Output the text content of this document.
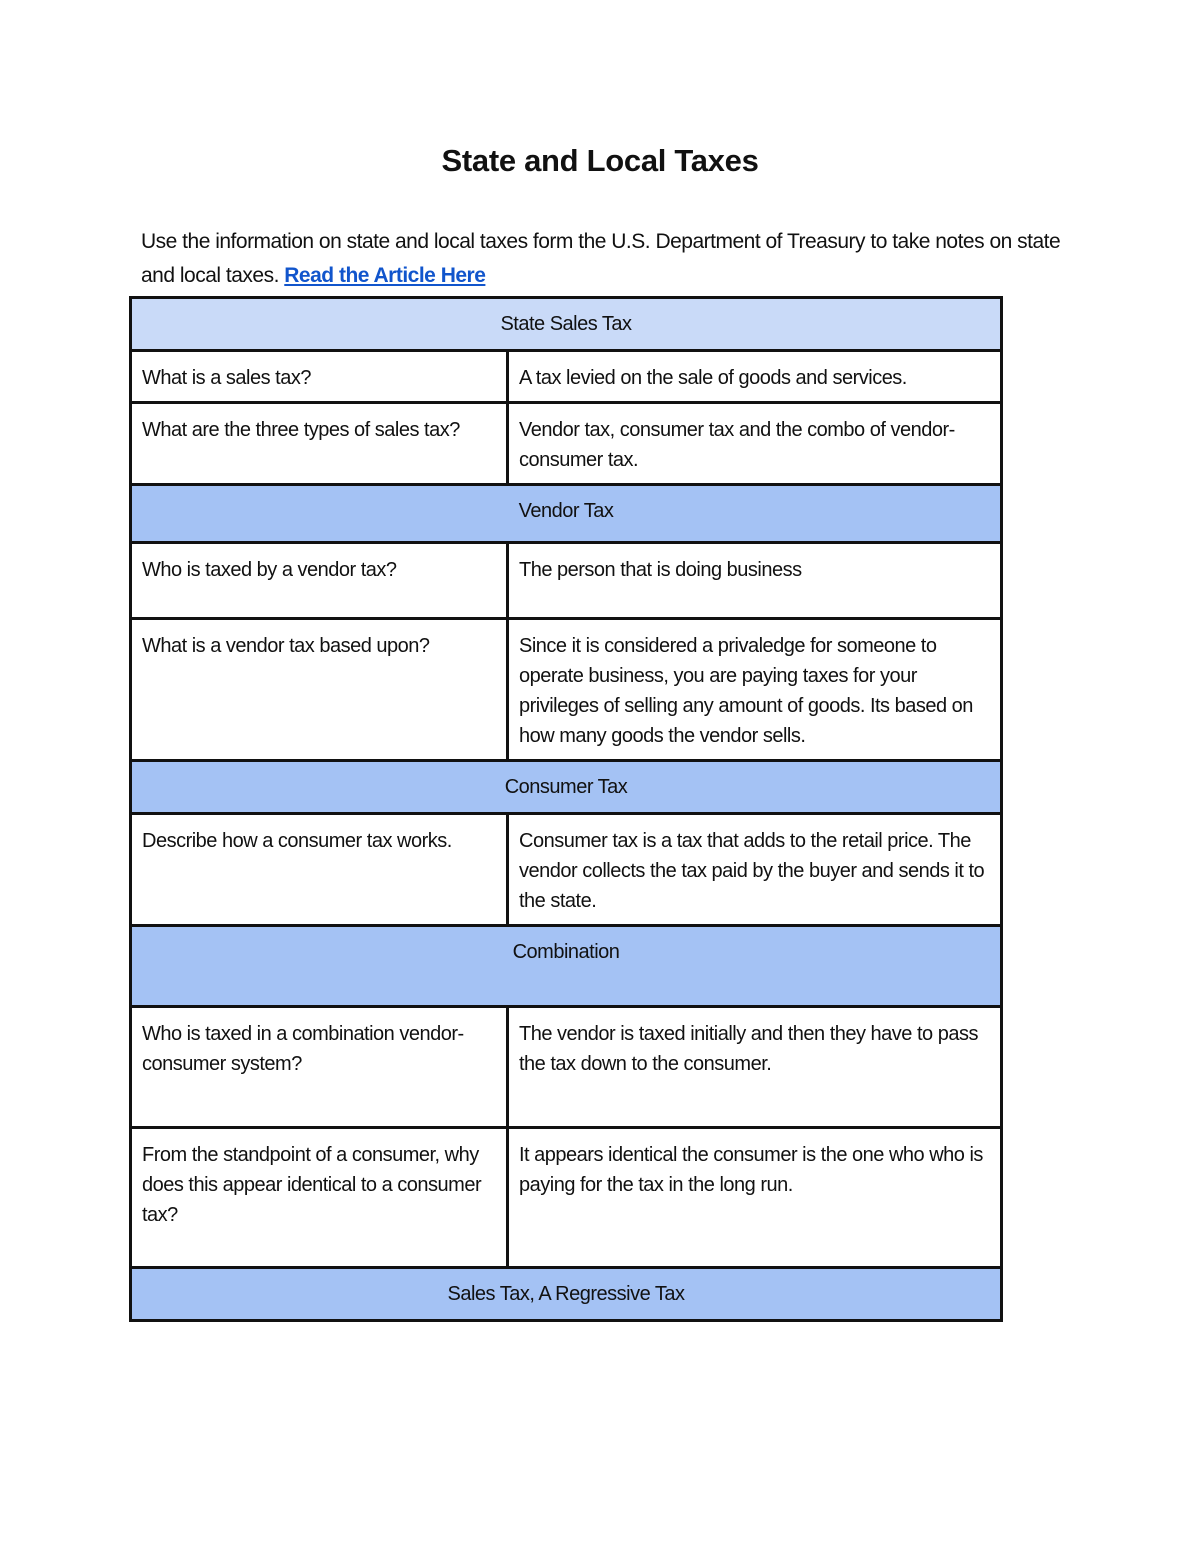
State and Local Taxes

Use the information on state and local taxes form the U.S. Department of Treasury to take notes on state and local taxes. Read the Article Here

State Sales Tax	
What is a sales tax?	A tax levied on the sale of goods and services.
What are the three types of sales tax?	Vendor tax, consumer tax and the combo of vendor-consumer tax.
Vendor Tax	
Who is taxed by a vendor tax?	The person that is doing business
What is a vendor tax based upon?	Since it is considered a privaledge for someone to operate business, you are paying taxes for your privileges of selling any amount of goods. Its based on how many goods the vendor sells.
Consumer Tax	
Describe how a consumer tax works.	Consumer tax is a tax that adds to the retail price. The vendor collects the tax paid by the buyer and sends it to the state.
Combination	
Who is taxed in a combination vendor-consumer system?	The vendor is taxed initially and then they have to pass the tax down to the consumer.
From the standpoint of a consumer, why does this appear identical to a consumer tax?	It appears identical the consumer is the one who who is paying for the tax in the long run.
Sales Tax, A Regressive Tax	
